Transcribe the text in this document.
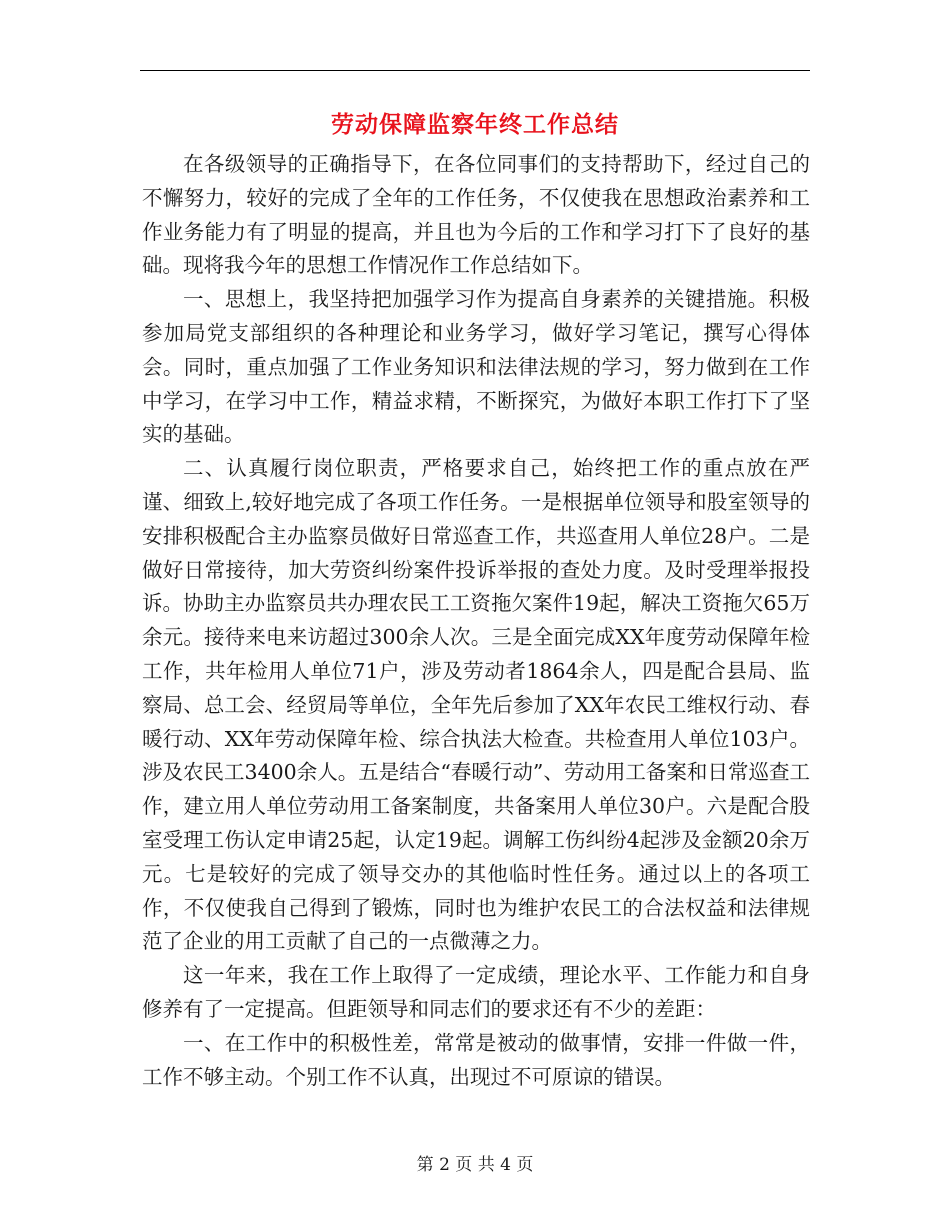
劳动保障监察年终工作总结

在各级领导的正确指导下，在各位同事们的支持帮助下，经过自己的不懈努力，较好的完成了全年的工作任务，不仅使我在思想政治素养和工作业务能力有了明显的提高，并且也为今后的工作和学习打下了良好的基础。现将我今年的思想工作情况作工作总结如下。

一、思想上，我坚持把加强学习作为提高自身素养的关键措施。积极参加局党支部组织的各种理论和业务学习，做好学习笔记，撰写心得体会。同时，重点加强了工作业务知识和法律法规的学习，努力做到在工作中学习，在学习中工作，精益求精，不断探究，为做好本职工作打下了坚实的基础。

二、认真履行岗位职责，严格要求自己，始终把工作的重点放在严谨、细致上,较好地完成了各项工作任务。一是根据单位领导和股室领导的安排积极配合主办监察员做好日常巡查工作，共巡查用人单位28户。二是做好日常接待，加大劳资纠纷案件投诉举报的查处力度。及时受理举报投诉。协助主办监察员共办理农民工工资拖欠案件19起，解决工资拖欠65万余元。接待来电来访超过300余人次。三是全面完成XX年度劳动保障年检工作，共年检用人单位71户，涉及劳动者1864余人，四是配合县局、监察局、总工会、经贸局等单位，全年先后参加了XX年农民工维权行动、春暖行动、XX年劳动保障年检、综合执法大检查。共检查用人单位103户。涉及农民工3400余人。五是结合“春暖行动”、劳动用工备案和日常巡查工作，建立用人单位劳动用工备案制度，共备案用人单位30户。六是配合股室受理工伤认定申请25起，认定19起。调解工伤纠纷4起涉及金额20余万元。七是较好的完成了领导交办的其他临时性任务。通过以上的各项工作，不仅使我自己得到了锻炼，同时也为维护农民工的合法权益和法律规范了企业的用工贡献了自己的一点微薄之力。

这一年来，我在工作上取得了一定成绩，理论水平、工作能力和自身修养有了一定提高。但距领导和同志们的要求还有不少的差距：

一、在工作中的积极性差，常常是被动的做事情，安排一件做一件，工作不够主动。个别工作不认真，出现过不可原谅的错误。

第 2 页 共 4 页
